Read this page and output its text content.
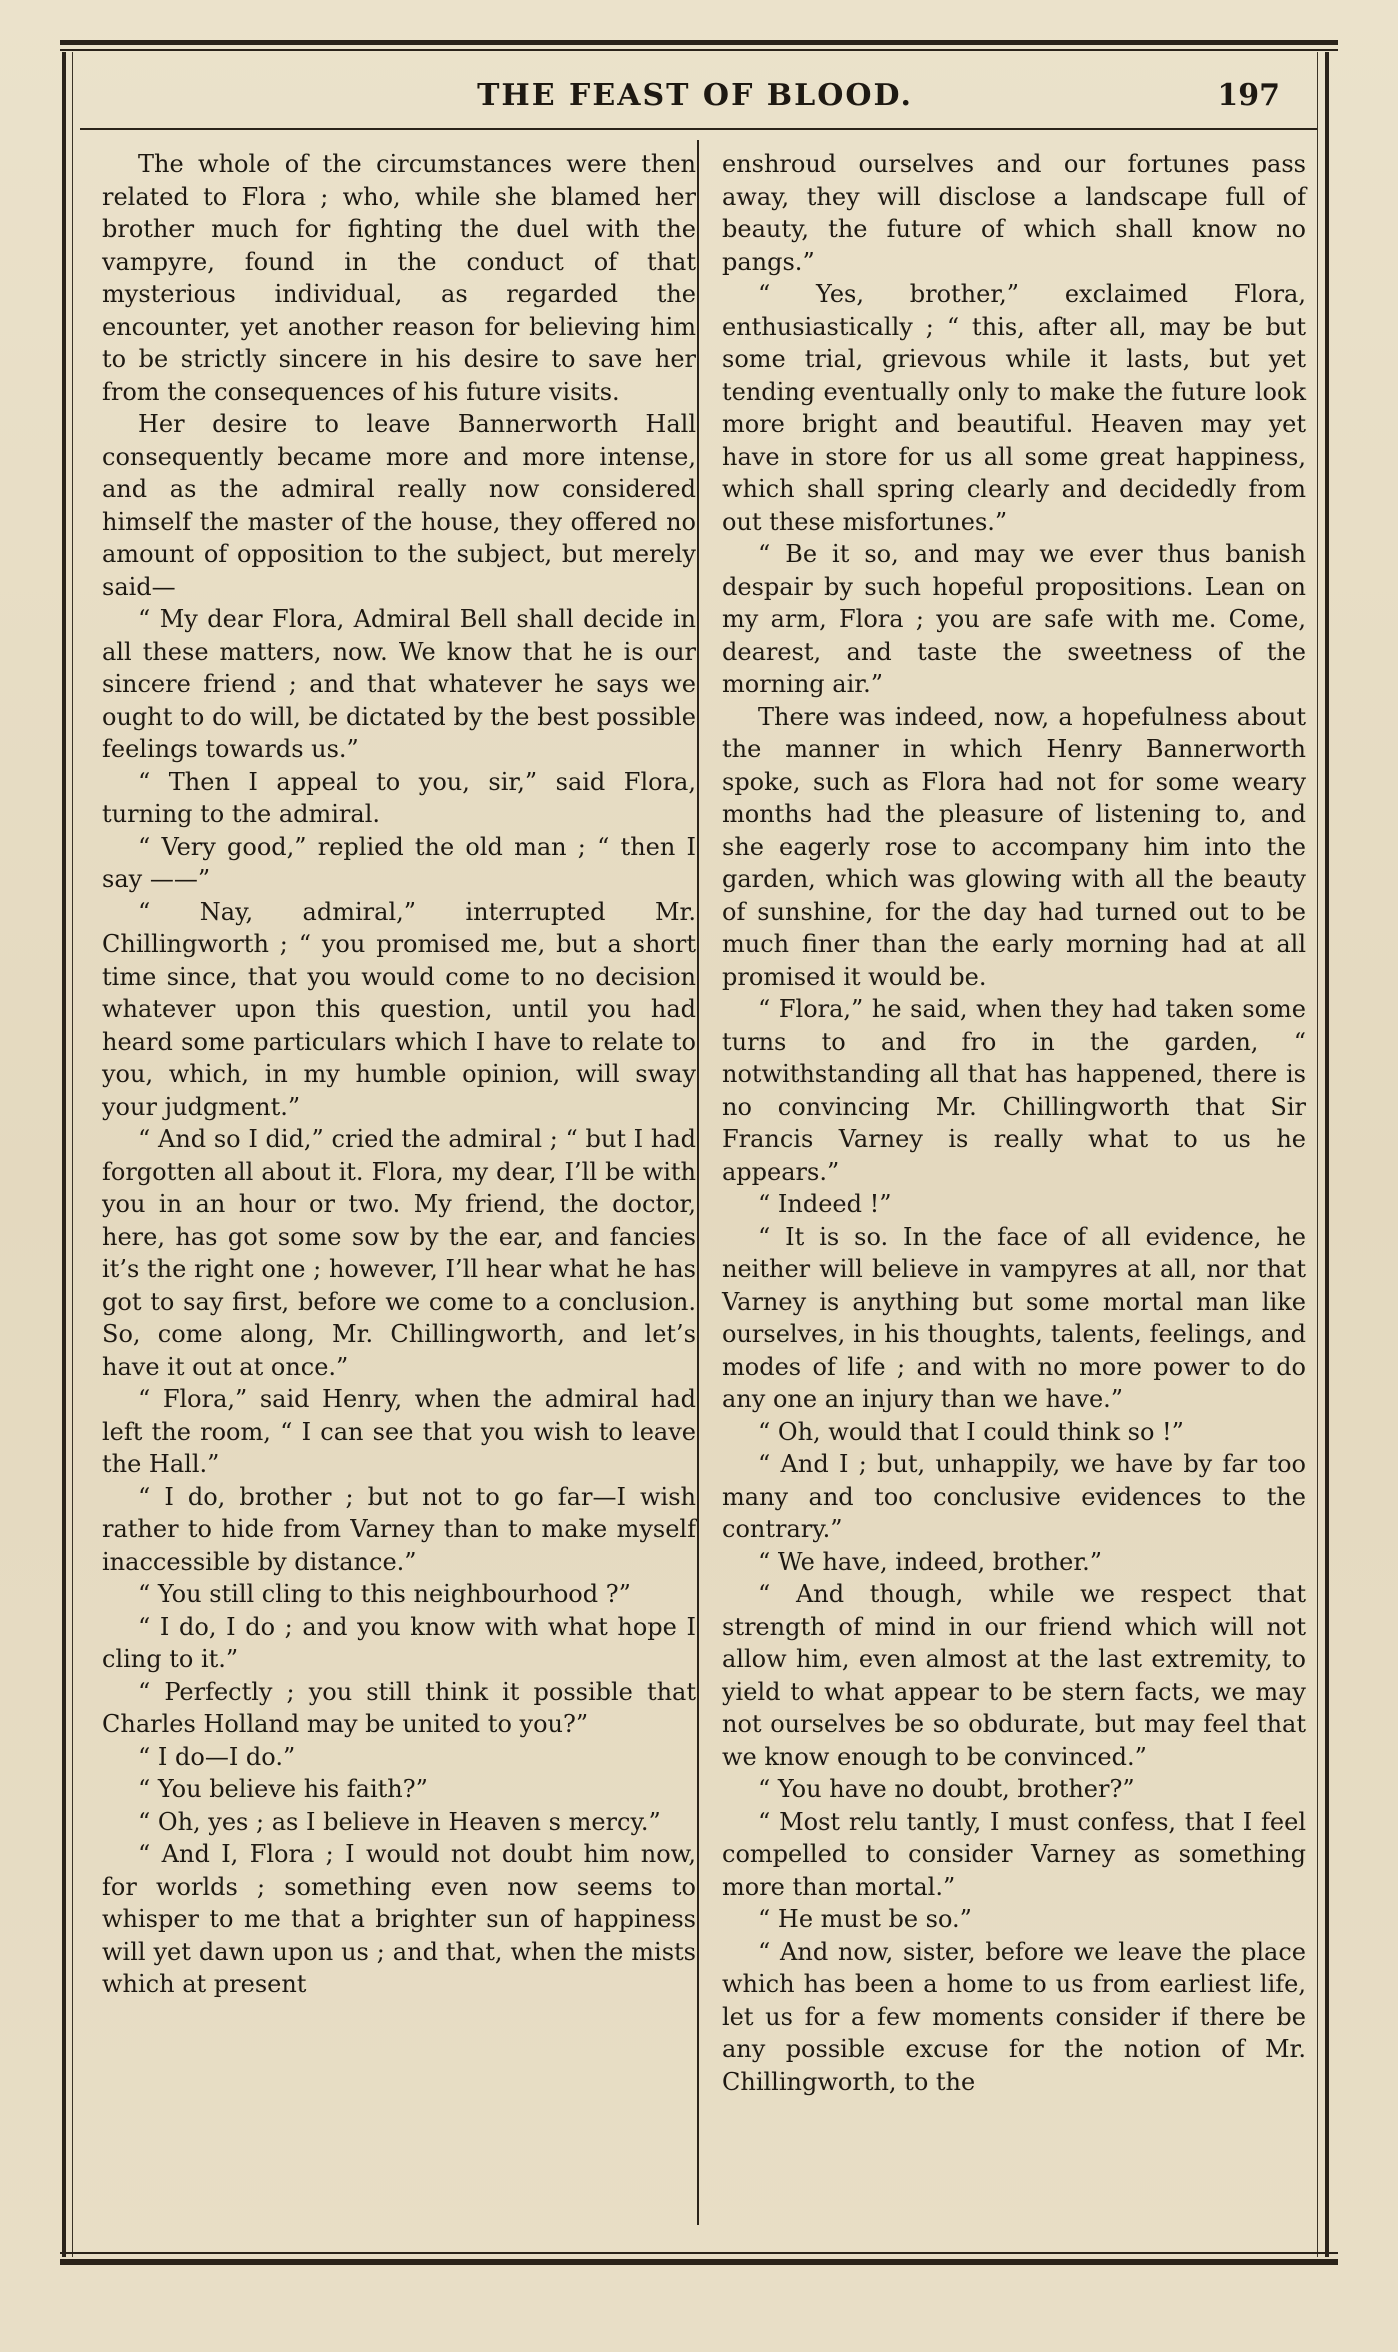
THE FEAST OF BLOOD.	197

The whole of the circumstances were then related to Flora ; who, while she blamed her brother much for fighting the duel with the vampyre, found in the conduct of that mysterious individual, as regarded the encounter, yet another reason for believing him to be strictly sincere in his desire to save her from the consequences of his future visits.

Her desire to leave Bannerworth Hall consequently became more and more intense, and as the admiral really now considered himself the master of the house, they offered no amount of opposition to the subject, but merely said—

“ My dear Flora, Admiral Bell shall decide in all these matters, now. We know that he is our sincere friend ; and that whatever he says we ought to do will, be dictated by the best possible feelings towards us.”

“ Then I appeal to you, sir,” said Flora, turning to the admiral.

“ Very good,” replied the old man ; “ then I say ——”

“ Nay, admiral,” interrupted Mr. Chillingworth ; “ you promised me, but a short time since, that you would come to no decision whatever upon this question, until you had heard some particulars which I have to relate to you, which, in my humble opinion, will sway your judgment.”

“ And so I did,” cried the admiral ; “ but I had forgotten all about it. Flora, my dear, I’ll be with you in an hour or two. My friend, the doctor, here, has got some sow by the ear, and fancies it’s the right one ; however, I’ll hear what he has got to say first, before we come to a conclusion. So, come along, Mr. Chillingworth, and let’s have it out at once.”

“ Flora,” said Henry, when the admiral had left the room, “ I can see that you wish to leave the Hall.”

“ I do, brother ; but not to go far—I wish rather to hide from Varney than to make myself inaccessible by distance.”

“ You still cling to this neighbourhood ?”

“ I do, I do ; and you know with what hope I cling to it.”

“ Perfectly ; you still think it possible that Charles Holland may be united to you?”

“ I do—I do.”

“ You believe his faith?”

“ Oh, yes ; as I believe in Heaven s mercy.”

“ And I, Flora ; I would not doubt him now, for worlds ; something even now seems to whisper to me that a brighter sun of happiness will yet dawn upon us ; and that, when the mists which at present

enshroud ourselves and our fortunes pass away, they will disclose a landscape full of beauty, the future of which shall know no pangs.”

“ Yes, brother,” exclaimed Flora, enthusiastically ; “ this, after all, may be but some trial, grievous while it lasts, but yet tending eventually only to make the future look more bright and beautiful. Heaven may yet have in store for us all some great happiness, which shall spring clearly and decidedly from out these misfortunes.”

“ Be it so, and may we ever thus banish despair by such hopeful propositions. Lean on my arm, Flora ; you are safe with me. Come, dearest, and taste the sweetness of the morning air.”

There was indeed, now, a hopefulness about the manner in which Henry Bannerworth spoke, such as Flora had not for some weary months had the pleasure of listening to, and she eagerly rose to accompany him into the garden, which was glowing with all the beauty of sunshine, for the day had turned out to be much finer than the early morning had at all promised it would be.

“ Flora,” he said, when they had taken some turns to and fro in the garden, “ notwithstanding all that has happened, there is no convincing Mr. Chillingworth that Sir Francis Varney is really what to us he appears.”

“ Indeed !”

“ It is so. In the face of all evidence, he neither will believe in vampyres at all, nor that Varney is anything but some mortal man like ourselves, in his thoughts, talents, feelings, and modes of life ; and with no more power to do any one an injury than we have.”

“ Oh, would that I could think so !”

“ And I ; but, unhappily, we have by far too many and too conclusive evidences to the contrary.”

“ We have, indeed, brother.”

“ And though, while we respect that strength of mind in our friend which will not allow him, even almost at the last extremity, to yield to what appear to be stern facts, we may not ourselves be so obdurate, but may feel that we know enough to be convinced.”

“ You have no doubt, brother?”

“ Most relu tantly, I must confess, that I feel compelled to consider Varney as something more than mortal.”

“ He must be so.”

“ And now, sister, before we leave the place which has been a home to us from earliest life, let us for a few moments consider if there be any possible excuse for the notion of Mr. Chillingworth, to the
